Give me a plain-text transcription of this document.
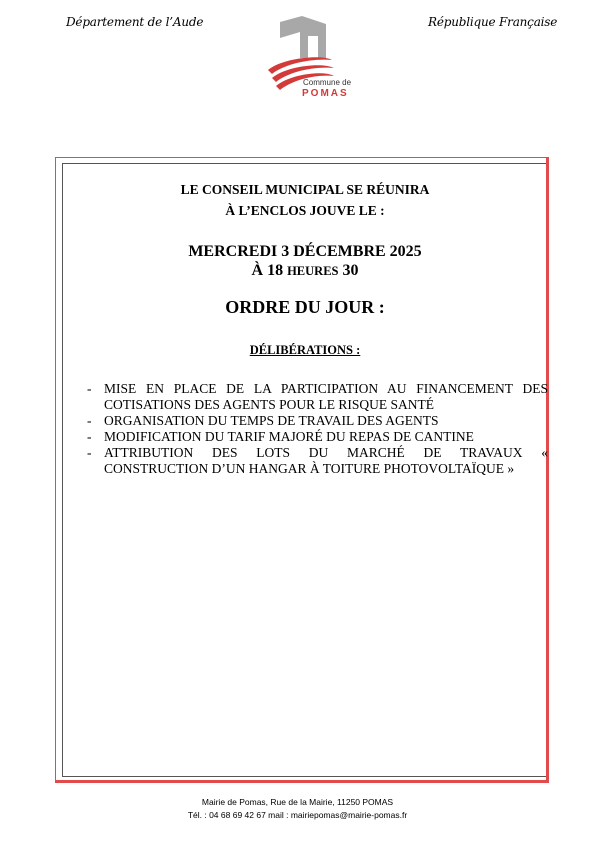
Département de l’Aude	République Française
Commune de
POMAS
LE CONSEIL MUNICIPAL SE RÉUNIRA
À L’ENCLOS JOUVE LE :
MERCREDI 3 DÉCEMBRE 2025
À 18 HEURES 30
ORDRE DU JOUR :
DÉLIBÉRATIONS :
- MISE EN PLACE DE LA PARTICIPATION AU FINANCEMENT DES COTISATIONS DES AGENTS POUR LE RISQUE SANTÉ
- ORGANISATION DU TEMPS DE TRAVAIL DES AGENTS
- MODIFICATION DU TARIF MAJORÉ DU REPAS DE CANTINE
- ATTRIBUTION DES LOTS DU MARCHÉ DE TRAVAUX « CONSTRUCTION D’UN HANGAR À TOITURE PHOTOVOLTAÏQUE »
Mairie de Pomas, Rue de la Mairie, 11250 POMAS
Tél. : 04 68 69 42 67 mail : mairiepomas@mairie-pomas.fr
